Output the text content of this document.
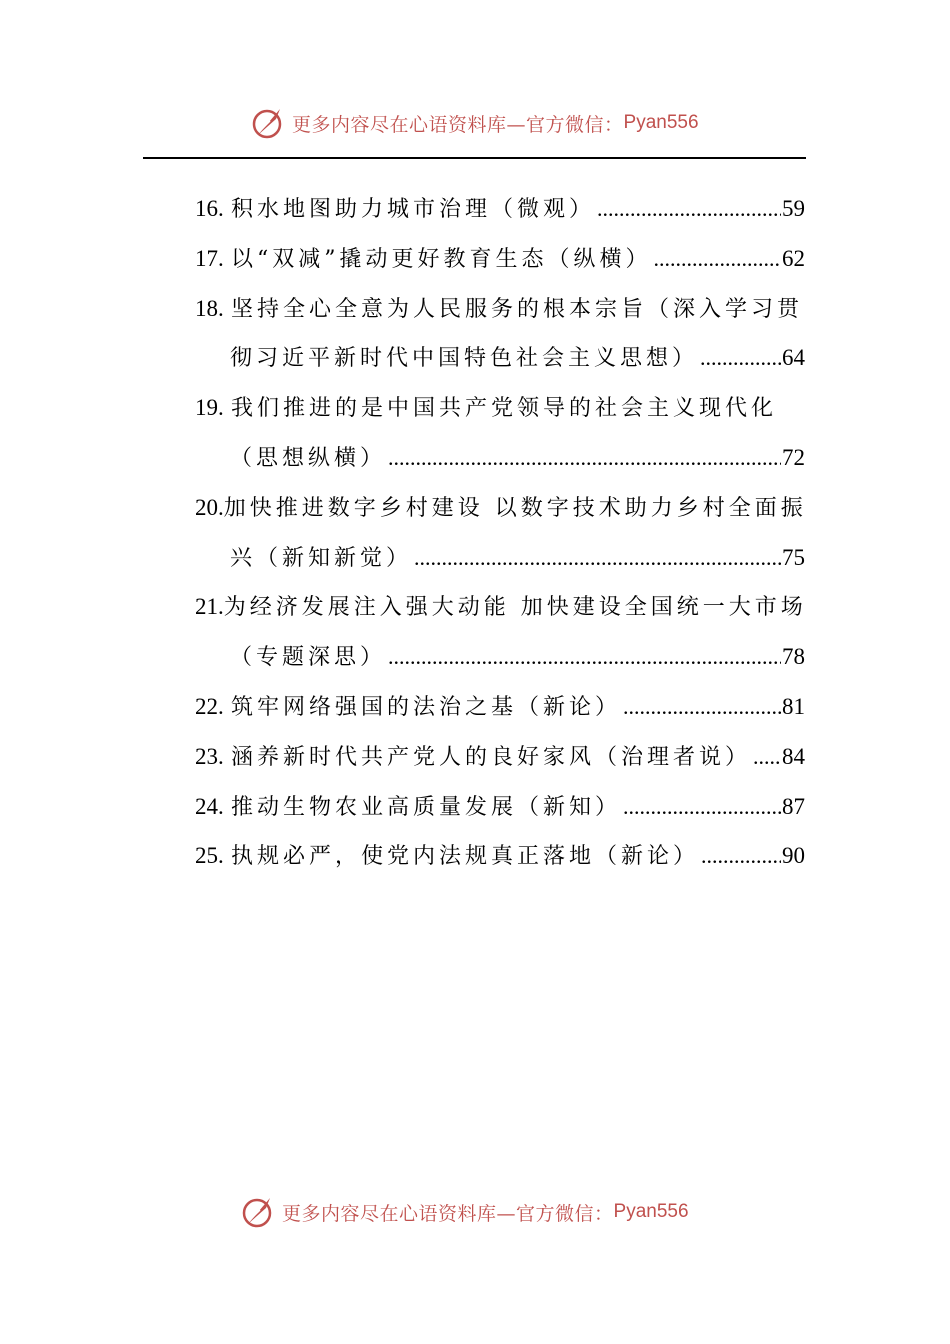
更多内容尽在心语资料库—官方微信： Pyan556
16. 积水地图助力城市治理（微观） .....	59
17. 以“双减”撬动更好教育生态（纵横） .....	62
18. 坚持全心全意为人民服务的根本宗旨（深入学习贯
彻习近平新时代中国特色社会主义思想） .....	64
19. 我们推进的是中国共产党领导的社会主义现代化
（思想纵横） .....	72
20. 加快推进数字乡村建设 以数字技术助力乡村全面振
兴（新知新觉） .....	75
21. 为经济发展注入强大动能 加快建设全国统一大市场
（专题深思） .....	78
22. 筑牢网络强国的法治之基（新论） .....	81
23. 涵养新时代共产党人的良好家风（治理者说） ..... 84
24. 推动生物农业高质量发展（新知） .....	87
25. 执规必严，使党内法规真正落地（新论） .....	90
更多内容尽在心语资料库—官方微信： Pyan556
